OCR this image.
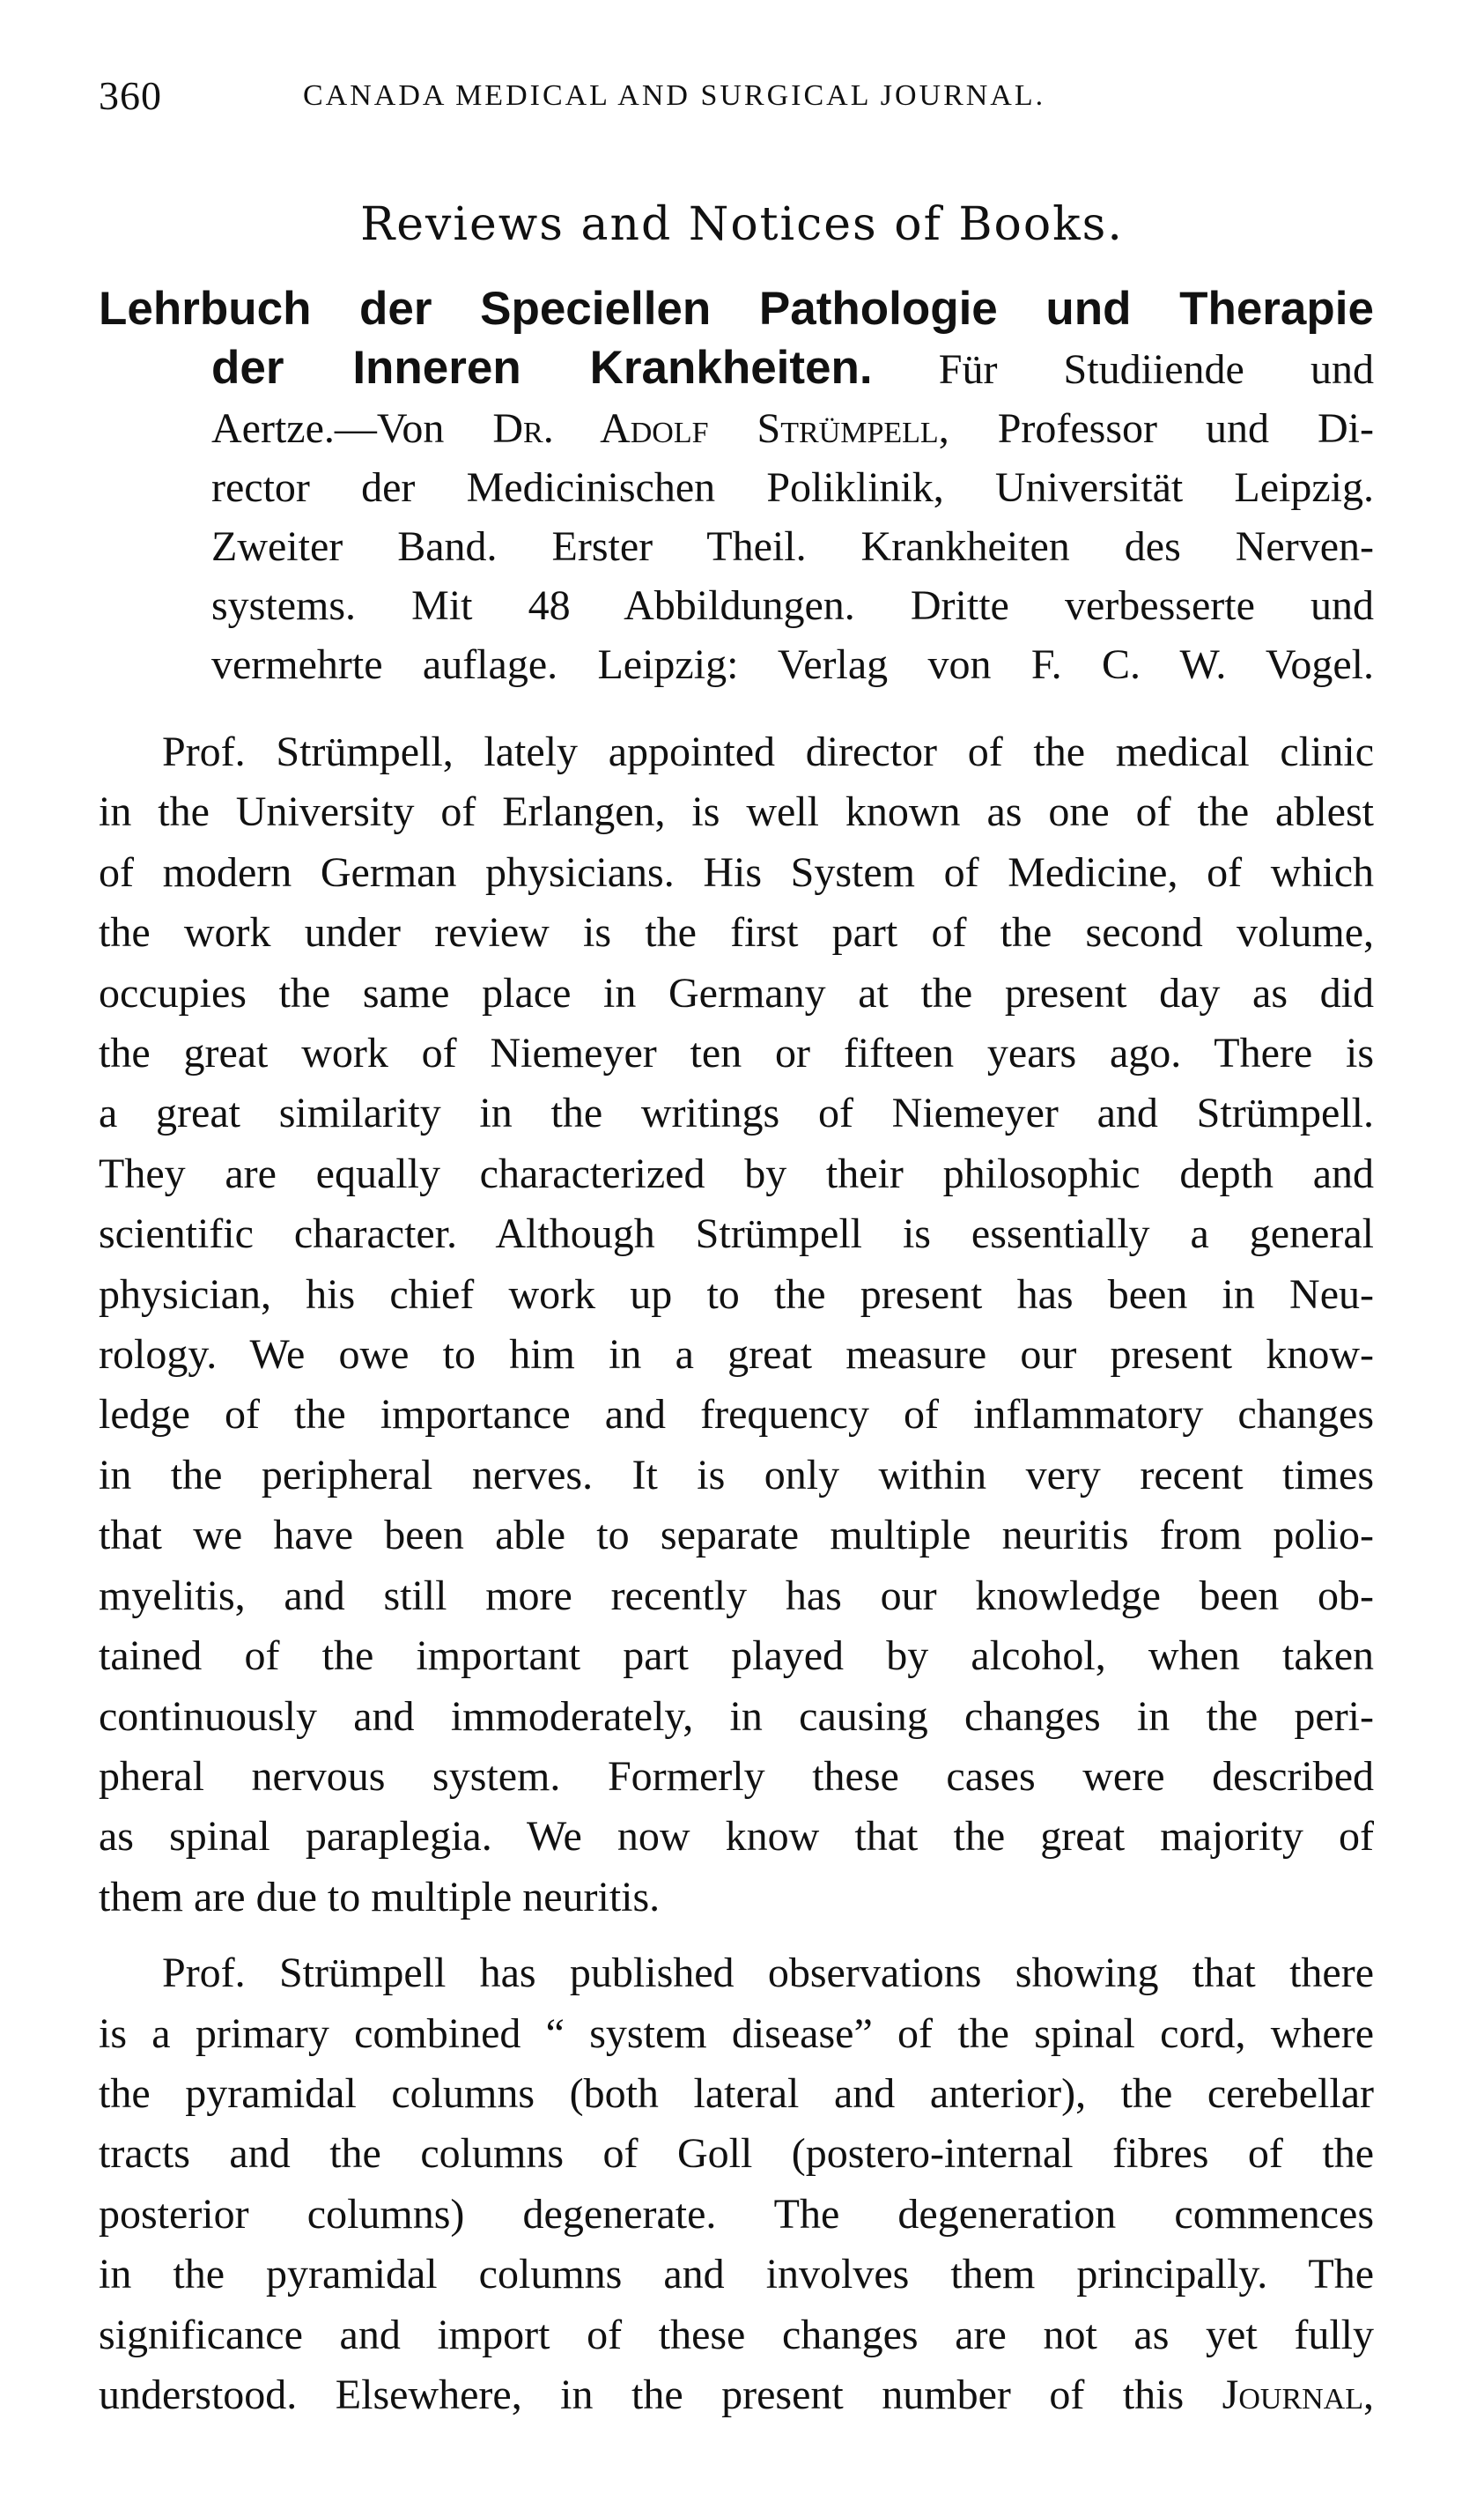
360	CANADA MEDICAL AND SURGICAL JOURNAL.
Reviews and Notices of Books.
Lehrbuch der Speciellen Pathologie und Therapie
der Inneren Krankheiten. Für Studiiende und
Aertze.—Von Dr. Adolf Strümpell, Professor und Di-
rector der Medicinischen Poliklinik, Universität Leipzig.
Zweiter Band. Erster Theil. Krankheiten des Nerven-
systems. Mit 48 Abbildungen. Dritte verbesserte und
vermehrte auflage. Leipzig: Verlag von F. C. W. Vogel.
Prof. Strümpell, lately appointed director of the medical clinic
in the University of Erlangen, is well known as one of the ablest
of modern German physicians. His System of Medicine, of which
the work under review is the first part of the second volume,
occupies the same place in Germany at the present day as did
the great work of Niemeyer ten or fifteen years ago. There is
a great similarity in the writings of Niemeyer and Strümpell.
They are equally characterized by their philosophic depth and
scientific character. Although Strümpell is essentially a general
physician, his chief work up to the present has been in Neu-
rology. We owe to him in a great measure our present know-
ledge of the importance and frequency of inflammatory changes
in the peripheral nerves. It is only within very recent times
that we have been able to separate multiple neuritis from polio-
myelitis, and still more recently has our knowledge been ob-
tained of the important part played by alcohol, when taken
continuously and immoderately, in causing changes in the peri-
pheral nervous system. Formerly these cases were described
as spinal paraplegia. We now know that the great majority of
them are due to multiple neuritis.
Prof. Strümpell has published observations showing that there
is a primary combined “ system disease” of the spinal cord, where
the pyramidal columns (both lateral and anterior), the cerebellar
tracts and the columns of Goll (postero-internal fibres of the
posterior columns) degenerate. The degeneration commences
in the pyramidal columns and involves them principally. The
significance and import of these changes are not as yet fully
understood. Elsewhere, in the present number of this Journal,
